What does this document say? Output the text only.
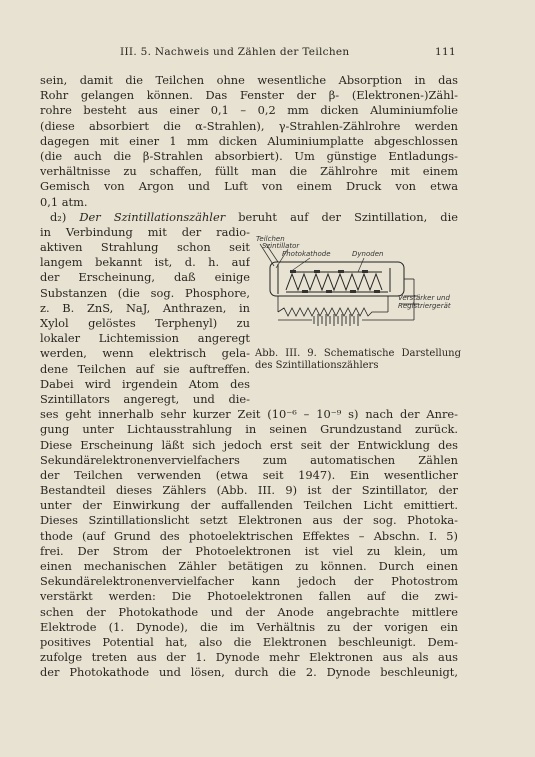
III. 5. Nachweis und Zählen der Teilchen	111
sein, damit die Teilchen ohne wesentliche Absorption in das
Rohr gelangen können. Das Fenster der β- (Elektronen-)Zähl-
rohre besteht aus einer 0,1 – 0,2 mm dicken Aluminiumfolie
(diese absorbiert die α-Strahlen), γ-Strahlen-Zählrohre werden
dagegen mit einer 1 mm dicken Aluminiumplatte abgeschlossen
(die auch die β-Strahlen absorbiert). Um günstige Entladungs-
verhältnisse zu schaffen, füllt man die Zählrohre mit einem
Gemisch von Argon und Luft von einem Druck von etwa
0,1 atm.
d₂) Der Szintillationszähler beruht auf der Szintillation, die
in Verbindung mit der radio-
aktiven Strahlung schon seit
langem bekannt ist, d. h. auf
der Erscheinung, daß einige
Substanzen (die sog. Phosphore,
z. B. ZnS, NaJ, Anthrazen, in
Xylol gelöstes Terphenyl) zu
lokaler Lichtemission angeregt
werden, wenn elektrisch gela-
dene Teilchen auf sie auftreffen.
Dabei wird irgendein Atom des
Szintillators angeregt, und die-
ses geht innerhalb sehr kurzer Zeit (10⁻⁶ – 10⁻⁹ s) nach der Anre-
gung unter Lichtausstrahlung in seinen Grundzustand zurück.
Diese Erscheinung läßt sich jedoch erst seit der Entwicklung des
Sekundärelektronenvervielfachers zum automatischen Zählen
der Teilchen verwenden (etwa seit 1947). Ein wesentlicher
Bestandteil dieses Zählers (Abb. III. 9) ist der Szintillator, der
unter der Einwirkung der auffallenden Teilchen Licht emittiert.
Dieses Szintillationslicht setzt Elektronen aus der sog. Photoka-
thode (auf Grund des photoelektrischen Effektes – Abschn. I. 5)
frei. Der Strom der Photoelektronen ist viel zu klein, um
einen mechanischen Zähler betätigen zu können. Durch einen
Sekundärelektronenvervielfacher kann jedoch der Photostrom
verstärkt werden: Die Photoelektronen fallen auf die zwi-
schen der Photokathode und der Anode angebrachte mittlere
Elektrode (1. Dynode), die im Verhältnis zu der vorigen ein
positives Potential hat, also die Elektronen beschleunigt. Dem-
zufolge treten aus der 1. Dynode mehr Elektronen aus als aus
der Photokathode und lösen, durch die 2. Dynode beschleunigt,
Teilchen
Szintillator
Photokathode	Dynoden
Verstärker und
Registriergerät
Abb. III. 9. Schematische Darstellung des Szintillationszählers
